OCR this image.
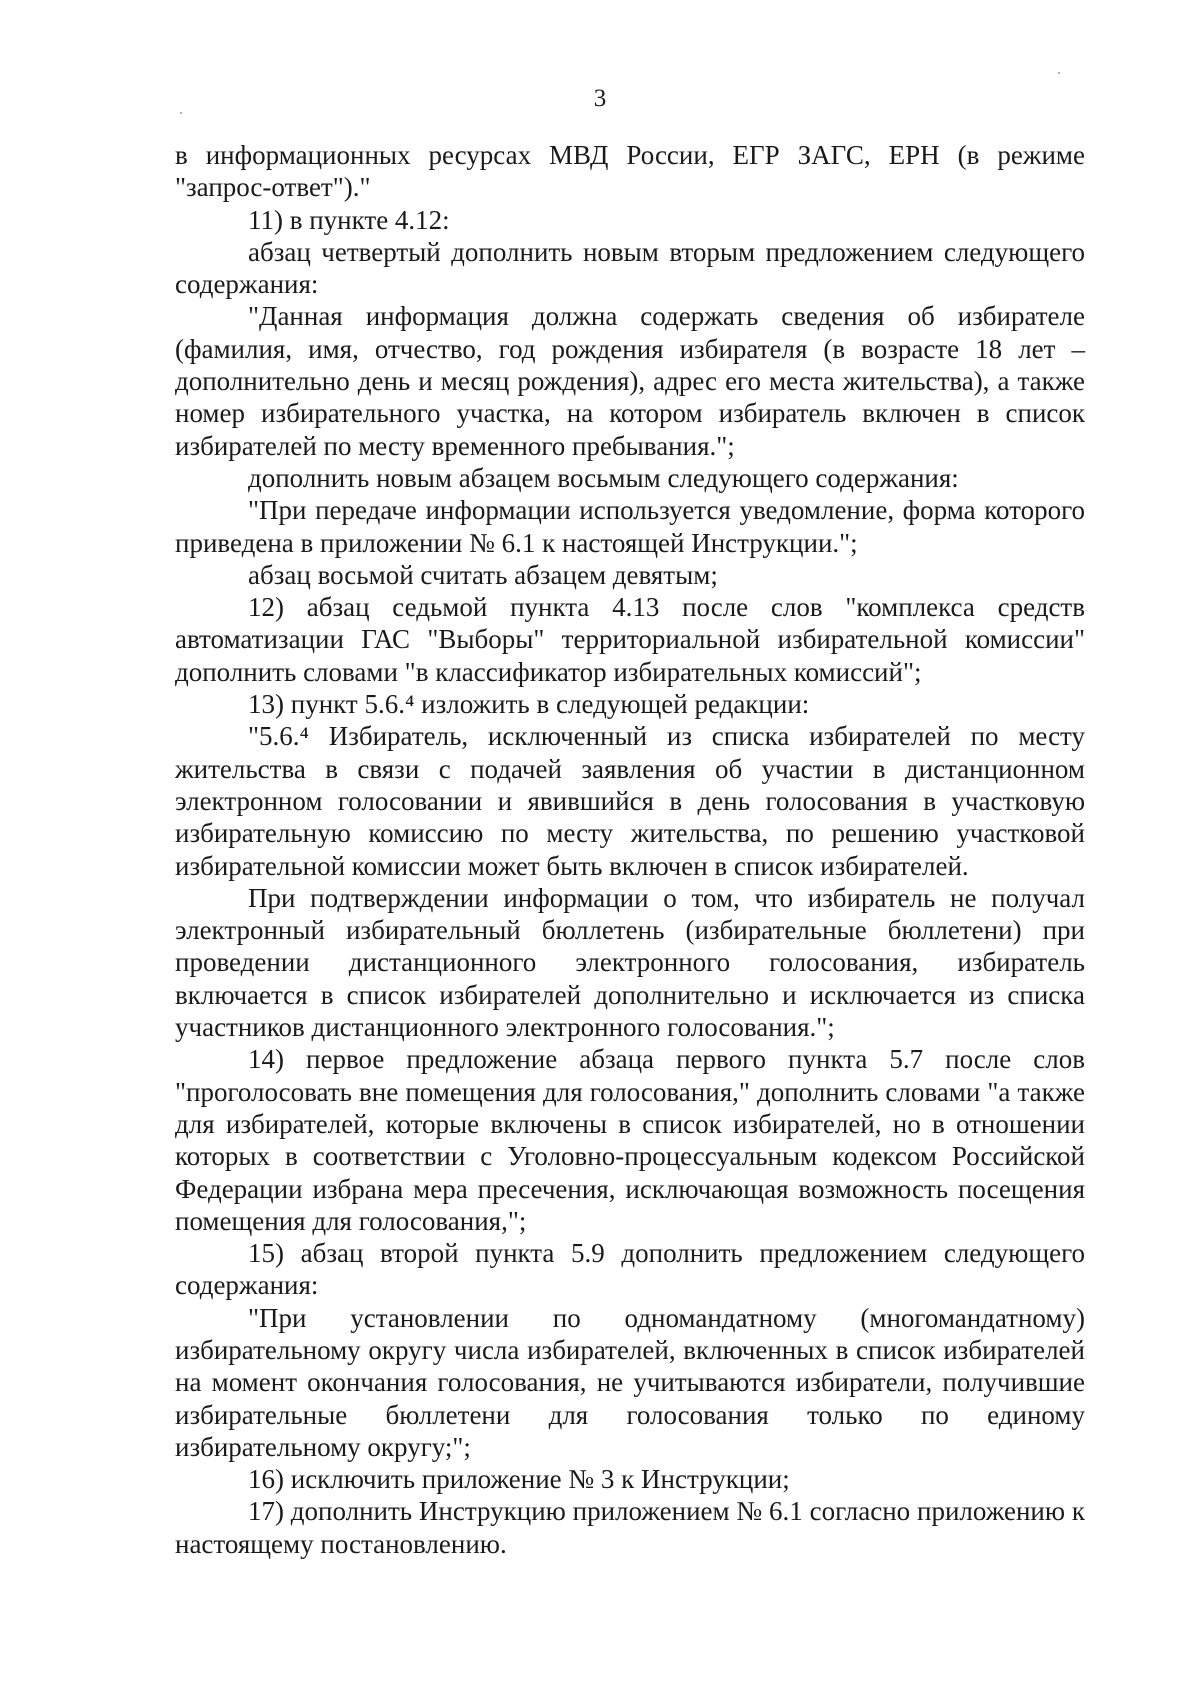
3

в информационных ресурсах МВД России, ЕГР ЗАГС, ЕРН (в режиме "запрос-ответ")."

11) в пункте 4.12:

абзац четвертый дополнить новым вторым предложением следующего содержания:

"Данная информация должна содержать сведения об избирателе (фамилия, имя, отчество, год рождения избирателя (в возрасте 18 лет – дополнительно день и месяц рождения), адрес его места жительства), а также номер избирательного участка, на котором избиратель включен в список избирателей по месту временного пребывания.";

дополнить новым абзацем восьмым следующего содержания:

"При передаче информации используется уведомление, форма которого приведена в приложении № 6.1 к настоящей Инструкции.";

абзац восьмой считать абзацем девятым;

12) абзац седьмой пункта 4.13 после слов "комплекса средств автоматизации ГАС "Выборы" территориальной избирательной комиссии" дополнить словами "в классификатор избирательных комиссий";

13) пункт 5.6.⁴ изложить в следующей редакции:

"5.6.⁴ Избиратель, исключенный из списка избирателей по месту жительства в связи с подачей заявления об участии в дистанционном электронном голосовании и явившийся в день голосования в участковую избирательную комиссию по месту жительства, по решению участковой избирательной комиссии может быть включен в список избирателей.

При подтверждении информации о том, что избиратель не получал электронный избирательный бюллетень (избирательные бюллетени) при проведении дистанционного электронного голосования, избиратель включается в список избирателей дополнительно и исключается из списка участников дистанционного электронного голосования.";

14) первое предложение абзаца первого пункта 5.7 после слов "проголосовать вне помещения для голосования," дополнить словами "а также для избирателей, которые включены в список избирателей, но в отношении которых в соответствии с Уголовно-процессуальным кодексом Российской Федерации избрана мера пресечения, исключающая возможность посещения помещения для голосования,";

15) абзац второй пункта 5.9 дополнить предложением следующего содержания:

"При установлении по одномандатному (многомандатному) избирательному округу числа избирателей, включенных в список избирателей на момент окончания голосования, не учитываются избиратели, получившие избирательные бюллетени для голосования только по единому избирательному округу;";

16) исключить приложение № 3 к Инструкции;

17) дополнить Инструкцию приложением № 6.1 согласно приложению к настоящему постановлению.
